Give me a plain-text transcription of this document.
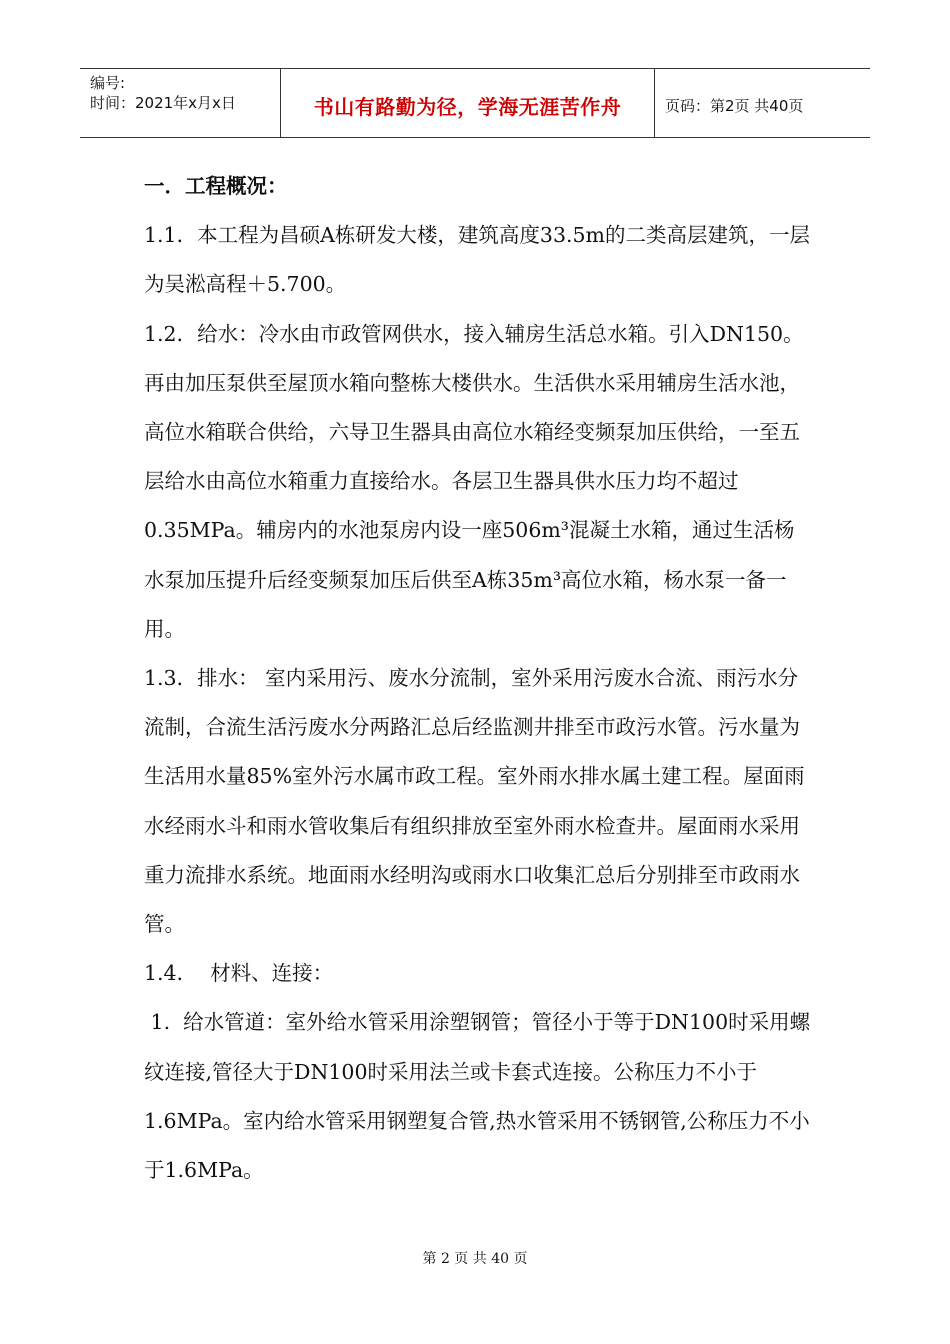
编号:
时间：2021年x月x日	书山有路勤为径，学海无涯苦作舟	页码：第2页 共40页

一．工程概况：

1.1．本工程为昌硕A栋研发大楼，建筑高度33.5m的二类高层建筑，一层为吴淞高程＋5.700。

1.2．给水：冷水由市政管网供水，接入辅房生活总水箱。引入DN150。再由加压泵供至屋顶水箱向整栋大楼供水。生活供水采用辅房生活水池，高位水箱联合供给，六导卫生器具由高位水箱经变频泵加压供给，一至五层给水由高位水箱重力直接给水。各层卫生器具供水压力均不超过0.35MPa。辅房内的水池泵房内设一座506m³混凝土水箱，通过生活杨水泵加压提升后经变频泵加压后供至A栋35m³高位水箱，杨水泵一备一用。

1.3．排水： 室内采用污、废水分流制，室外采用污废水合流、雨污水分流制，合流生活污废水分两路汇总后经监测井排至市政污水管。污水量为生活用水量85%室外污水属市政工程。室外雨水排水属土建工程。屋面雨水经雨水斗和雨水管收集后有组织排放至室外雨水检查井。屋面雨水采用重力流排水系统。地面雨水经明沟或雨水口收集汇总后分别排至市政雨水管。

1.4．  材料、连接：

1.  给水管道：室外给水管采用涂塑钢管；管径小于等于DN100时采用螺纹连接,管径大于DN100时采用法兰或卡套式连接。公称压力不小于1.6MPa。室内给水管采用钢塑复合管,热水管采用不锈钢管,公称压力不小于1.6MPa。

第 2 页 共 40 页
